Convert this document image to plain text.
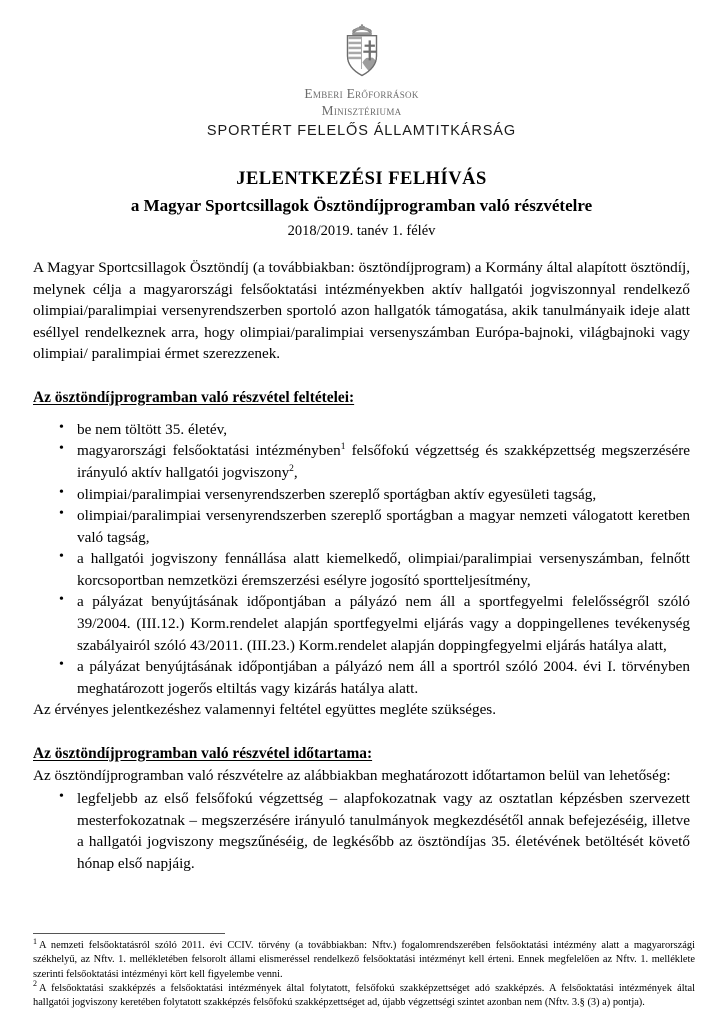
Emberi Erőforrások

Minisztériuma

SPORTÉRT FELELŐS ÁLLAMTITKÁRSÁG

JELENTKEZÉSI FELHÍVÁS
a Magyar Sportcsillagok Ösztöndíjprogramban való részvételre

2018/2019. tanév 1. félév

A Magyar Sportcsillagok Ösztöndíj (a továbbiakban: ösztöndíjprogram) a Kormány által alapított ösztöndíj, melynek célja a magyarországi felsőoktatási intézményekben aktív hallgatói jogviszonnyal rendelkező olimpiai/paralimpiai versenyrendszerben sportoló azon hallgatók támogatása, akik tanulmányaik ideje alatt eséllyel rendelkeznek arra, hogy olimpiai/paralimpiai versenyszámban Európa-bajnoki, világbajnoki vagy olimpiai/ paralimpiai érmet szerezzenek.

Az ösztöndíjprogramban való részvétel feltételei:
• be nem töltött 35. életév,
• magyarországi felsőoktatási intézményben$^1$ felsőfokú végzettség és szakképzettség megszerzésére irányuló aktív hallgatói jogviszony$^2$,
• olimpiai/paralimpiai versenyrendszerben szereplő sportágban aktív egyesületi tagság,
• olimpiai/paralimpiai versenyrendszerben szereplő sportágban a magyar nemzeti válogatott keretben való tagság,
• a hallgatói jogviszony fennállása alatt kiemelkedő, olimpiai/paralimpiai versenyszámban, felnőtt korcsoportban nemzetközi éremszerzési esélyre jogosító sportteljesítmény,
• a pályázat benyújtásának időpontjában a pályázó nem áll a sportfegyelmi felelősségről szóló 39/2004. (III.12.) Korm.rendelet alapján sportfegyelmi eljárás vagy a doppingellenes tevékenység szabályairól szóló 43/2011. (III.23.) Korm.rendelet alapján doppingfegyelmi eljárás hatálya alatt,
• a pályázat benyújtásának időpontjában a pályázó nem áll a sportról szóló 2004. évi I. törvényben meghatározott jogerős eltiltás vagy kizárás hatálya alatt.

Az érvényes jelentkezéshez valamennyi feltétel együttes megléte szükséges.

Az ösztöndíjprogramban való részvétel időtartama:

Az ösztöndíjprogramban való részvételre az alábbiakban meghatározott időtartamon belül van lehetőség:

• legfeljebb az első felsőfokú végzettség – alapfokozatnak vagy az osztatlan képzésben szervezett mesterfokozatnak – megszerzésére irányuló tanulmányok megkezdésétől annak befejezéséig, illetve a hallgatói jogviszony megszűnéséig, de legkésőbb az ösztöndíjas 35. életévének betöltését követő hónap első napjáig.

$^1$ A nemzeti felsőoktatásról szóló 2011. évi CCIV. törvény (a továbbiakban: Nftv.) fogalomrendszerében felsőoktatási intézmény alatt a magyarországi székhelyű, az Nftv. 1. mellékletében felsorolt állami elismeréssel rendelkező felsőoktatási intézményt kell érteni. Ennek megfelelően az Nftv. 1. melléklete szerinti felsőoktatási intézményi kört kell figyelembe venni.

$^2$ A felsőoktatási szakképzés a felsőoktatási intézmények által folytatott, felsőfokú szakképzettséget adó szakképzés. A felsőoktatási intézmények által hallgatói jogviszony keretében folytatott szakképzés felsőfokú szakképzettséget ad, újabb végzettségi szintet azonban nem (Nftv. 3.§ (3) a) pontja).
